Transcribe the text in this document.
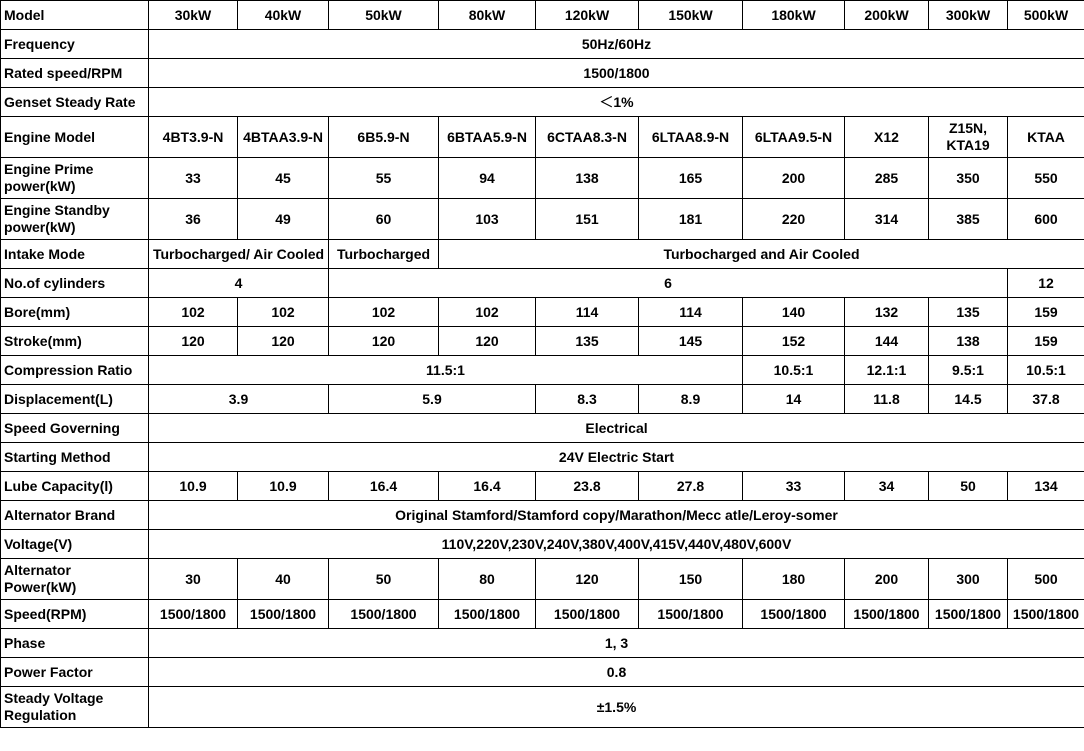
Model	30kW	40kW	50kW	80kW	120kW	150kW	180kW	200kW	300kW	500kW
Frequency	50Hz/60Hz									
Rated speed/RPM	1500/1800									
Genset Steady Rate	＜1%									
Engine Model	4BT3.9-N	4BTAA3.9-N	6B5.9-N	6BTAA5.9-N	6CTAA8.3-N	6LTAA8.9-N	6LTAA9.5-N	X12	Z15N, KTA19	KTAA
Engine Prime power(kW)	33	45	55	94	138	165	200	285	350	550
Engine Standby power(kW)	36	49	60	103	151	181	220	314	385	600
Intake Mode	Turbocharged/ Air Cooled		Turbocharged	Turbocharged and Air Cooled						
No.of cylinders	4		6							12
Bore(mm)	102	102	102	102	114	114	140	132	135	159
Stroke(mm)	120	120	120	120	135	145	152	144	138	159
Compression Ratio	11.5:1						10.5:1	12.1:1	9.5:1	10.5:1
Displacement(L)	3.9		5.9		8.3	8.9	14	11.8	14.5	37.8
Speed Governing	Electrical									
Starting Method	24V Electric Start									
Lube Capacity(l)	10.9	10.9	16.4	16.4	23.8	27.8	33	34	50	134
Alternator Brand	Original Stamford/Stamford copy/Marathon/Mecc atle/Leroy-somer									
Voltage(V)	110V,220V,230V,240V,380V,400V,415V,440V,480V,600V									
Alternator Power(kW)	30	40	50	80	120	150	180	200	300	500
Speed(RPM)	1500/1800	1500/1800	1500/1800	1500/1800	1500/1800	1500/1800	1500/1800	1500/1800	1500/1800	1500/1800
Phase	1, 3									
Power Factor	0.8									
Steady Voltage Regulation	±1.5%									
